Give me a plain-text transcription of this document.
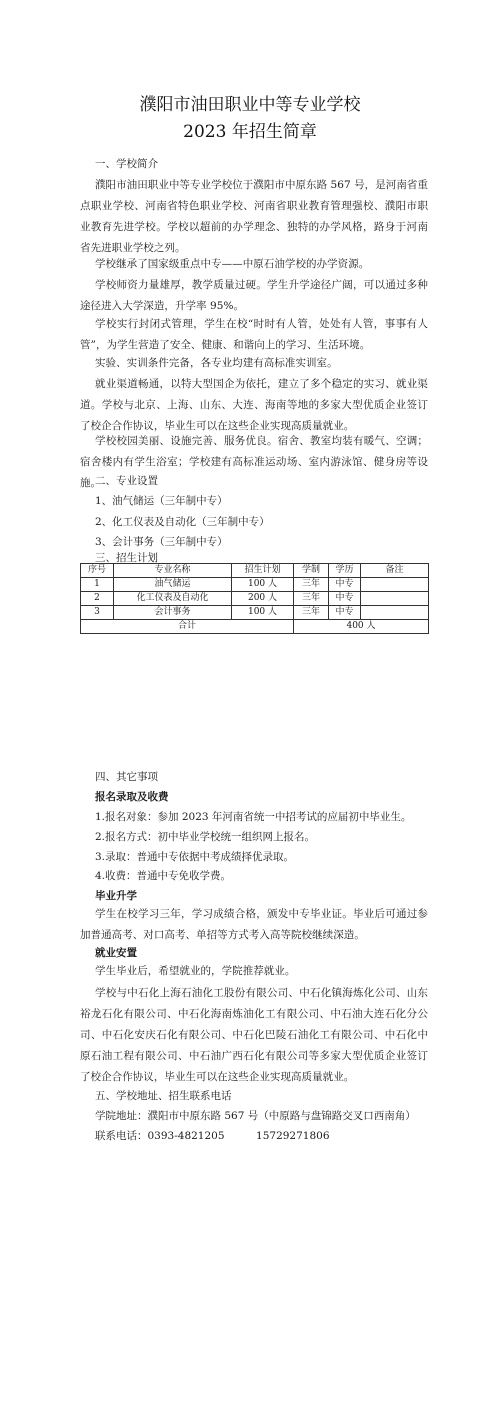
濮阳市油田职业中等专业学校
2023 年招生简章
一、学校简介
濮阳市油田职业中等专业学校位于濮阳市中原东路 567 号，是河南省重点职业学校、河南省特色职业学校、河南省职业教育管理强校、濮阳市职业教育先进学校。学校以超前的办学理念、独特的办学风格，路身于河南省先进职业学校之列。
学校继承了国家级重点中专——中原石油学校的办学资源。
学校师资力量雄厚，教学质量过硬。学生升学途径广阔，可以通过多种途径进入大学深造，升学率 95%。
学校实行封闭式管理，学生在校“时时有人管，处处有人管，事事有人管”，为学生营造了安全、健康、和谐向上的学习、生活环境。
实验、实训条件完备，各专业均建有高标准实训室。
就业渠道畅通，以特大型国企为依托，建立了多个稳定的实习、就业渠道。学校与北京、上海、山东、大连、海南等地的多家大型优质企业签订了校企合作协议，毕业生可以在这些企业实现高质量就业。
学校校园美丽、设施完善、服务优良。宿舍、教室均装有暖气、空调；宿舍楼内有学生浴室；学校建有高标准运动场、室内游泳馆、健身房等设施。
二、专业设置
1、油气储运（三年制中专）
2、化工仪表及自动化（三年制中专）
3、会计事务（三年制中专）
三、招生计划
序号	专业名称	招生计划	学制	学历	备注
1	油气储运	100 人	三年	中专	
2	化工仪表及自动化	200 人	三年	中专	
3	会计事务	100 人	三年	中专	
合计			400 人		
四、其它事项
报名录取及收费
1.报名对象：参加 2023 年河南省统一中招考试的应届初中毕业生。
2.报名方式：初中毕业学校统一组织网上报名。
3.录取：普通中专依据中考成绩择优录取。
4.收费：普通中专免收学费。
毕业升学
学生在校学习三年，学习成绩合格，颁发中专毕业证。毕业后可通过参加普通高考、对口高考、单招等方式考入高等院校继续深造。
就业安置
学生毕业后，希望就业的，学院推荐就业。
学校与中石化上海石油化工股份有限公司、中石化镇海炼化公司、山东裕龙石化有限公司、中石化海南炼油化工有限公司、中石油大连石化分公司、中石化安庆石化有限公司、中石化巴陵石油化工有限公司、中石化中原石油工程有限公司、中石油广西石化有限公司等多家大型优质企业签订了校企合作协议，毕业生可以在这些企业实现高质量就业。
五、学校地址、招生联系电话
学院地址：濮阳市中原东路 567 号（中原路与盘锦路交叉口西南角）
联系电话：0393-4821205　　　15729271806
